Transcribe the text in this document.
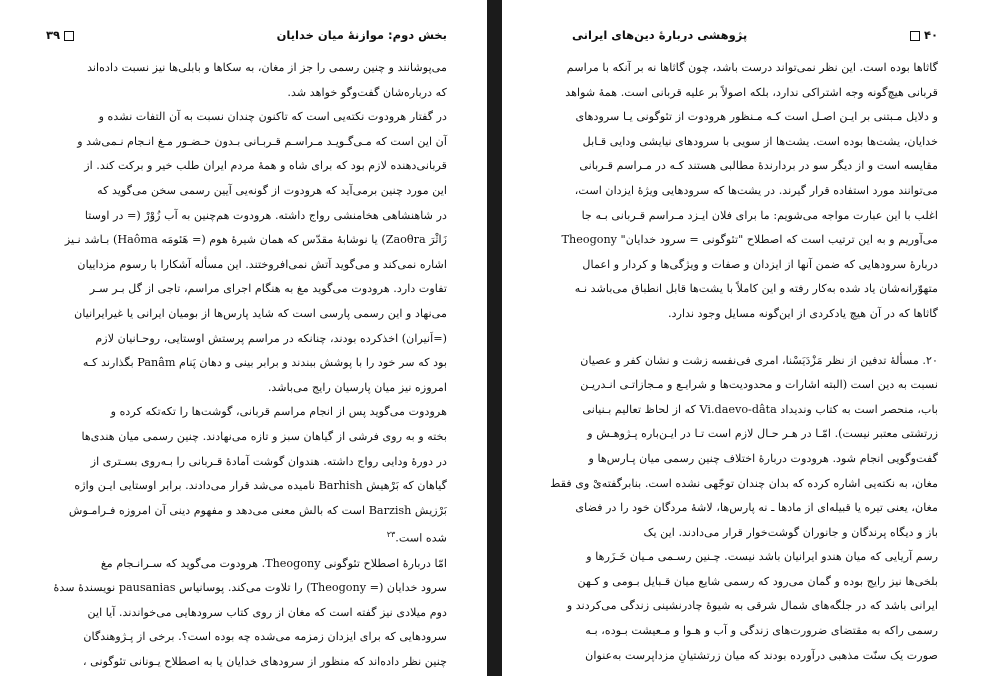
بخش دوم: موازنهٔ میان خدایان
۳۹
می‌پوشانند و چنین رسمی را جز از مغان، به سکاها و بابلی‌ها نیز نسبت داده‌اند
که درباره‌شان گفت‌وگو خواهد شد.
در گفتار هرودوت نکته‌یی است که تاکنون چندان نسبت به آن التفات نشده و
آن این است که مـی‌گـویـد مـراسـم قـربـانی بـدون حـضـور مـغ انـجام نـمی‌شد و
قربانی‌دهنده لازم بود که برای شاه و همهٔ مردم ایران طلب خیر و برکت کند. از
این مورد چنین برمی‌آید که هرودوت از گونه‌یی آیین رسمی سخن می‌گوید که
در شاهنشاهی هخامنشی رواج داشته. هرودوت هم‌چنین به آب زُوْرْ (= در اوستا
زَاثْرَ Zaoθra) یا نوشابهٔ مقدّس که همان شیرهٔ هوم (= هَئومَه Haôma) بـاشد نـیز
اشاره نمی‌کند و می‌گوید آتش نمی‌افروختند. این مسأله آشکارا با رسوم مزداییان
تفاوت دارد. هرودوت می‌گوید مغ به هنگام اجرای مراسم، تاجی از گل بـر سـر
می‌نهاد و این رسمی پارسی است که شاید پارس‌ها از بومیان ایرانی یا غیرایرانیان
(=اَنیران) اخذکرده بودند، چنانکه در مراسم پرستش اوستایی، روحـانیان لازم
بود که سر خود را با پوشش ببندند و برابر بینی و دهان پَنام Panâm بگذارند کـه
امروزه نیز میان پارسیان رایج می‌باشد.
هرودوت می‌گوید پس از انجام مراسم قربانی، گوشت‌ها را تکه‌تکه کرده و
بخته و به روی فرشی از گیاهان سبز و تازه می‌نهادند. چنین رسمی میان هندی‌ها
در دورهٔ ودایی رواج داشته. هندوان گوشت آمادهٔ قـربانی را بـه‌روی بسـتری از
گیاهان که بَرْهیش Barhish نامیده می‌شد قرار می‌دادند. برابر اوستایی ایـن واژه
بَرْزیش Barzish است که بالش معنی می‌دهد و مفهوم دینی آن امروزه فـرامـوش
شده است.$^{۲۳}$
امّا دربارهٔ اصطلاح تئوگونی Theogony. هرودوت می‌گوید که سـرانـجام مغ
سرود خدایان (= Theogony) را تلاوت می‌کند. پوسانیاس pausanias نویسندهٔ سدهٔ
دوم میلادی نیز گفته است که مغان از روی کتاب سرودهایی می‌خواندند. آیا این
سرودهایی که برای ایزدان زمزمه می‌شده چه بوده است؟. برخی از پـژوهندگان
چنین نظر داده‌اند که منظور از سرودهای خدایان یا به اصطلاح یـونانی تئوگونی ،
۴۰
پژوهشی دربارهٔ دین‌های ایرانی
گاثاها بوده است. این نظر نمی‌تواند درست باشد، چون گاثاها نه بر آنکه با مراسم
قربانی هیچ‌گونه وجه اشتراکی ندارد، بلکه اصولاً بر علیه قربانی است. همهٔ شواهد
و دلایل مـبتنی بر ایـن اصـل است کـه مـنظور هرودوت از تئوگونی یـا سرودهای
خدایان، یشت‌ها بوده است. یشت‌ها از سویی با سرودهای نیایشی ودایی قـابل
مقایسه است و از دیگر سو در بردارندهٔ مطالبی هستند کـه در مـراسم قـربانی
می‌توانند مورد استفاده قرار گیرند. در یشت‌ها که سرودهایی ویژهٔ ایزدان است،
اغلب با این عبارت مواجه می‌شویم: ما برای فلان ایـزد مـراسم قـربانی بـه جا
می‌آوریم و به این ترتیب است که اصطلاح "تئوگونی = سرود خدایان" Theogony
دربارهٔ سرودهایی که ضمن آنها از ایزدان و صفات و ویژگی‌ها و کردار و اعمال
متهوّرانه‌شان یاد شده به‌کار رفته و این کاملاً با یشت‌ها قابل انطباق می‌باشد نـه
گاثاها که در آن هیچ یادکردی از این‌گونه مسایل وجود ندارد.
۲۰. مسألهٔ تدفین از نظر مَزْدَیَسْنا، امری فی‌نفسه زشت و نشان کفر و عصیان
نسبت به دین است (البته اشارات و محدودیت‌ها و شرایـع و مـجازاتـی انـدریـن
باب، منحصر است به کتاب وندیداد Vi.daevo-dâta که از لحاظ تعالیم بـنیانی
زرتشتی معتبر نیست). امّـا در هـر حـال لازم است تـا در ایـن‌باره پـژوهـش و
گفت‌وگویی انجام شود. هرودوت دربارهٔ اختلاف چنین رسمی میان پـارس‌ها و
مغان، به نکته‌یی اشاره کرده که بدان چندان توجّهی نشده است. بنابرگفته‌یْ وی فقط
مغان، یعنی تیره یا قبیله‌ای از مادها ـ نه پارس‌ها، لاشهٔ مردگان خود را در فضای
باز و دیگاه پرندگان و جانوران گوشت‌خوار قرار می‌دادند. این یک
رسم آریایی که میان هندو ایرانیان باشد نیست. چـنین رسـمی مـیان خَـزَرها و
بلخی‌ها نیز رایج بوده و گمان می‌رود که رسمی شایع میان قـبایل بـومی و کـهن
ایرانی باشد که در جلگه‌های شمال شرقی به شیوهٔ چادرنشینی زندگی می‌کردند و
رسمی راکه به مقتضای ضرورت‌های زندگی و آب و هـوا و مـعیشت بـوده، بـه
صورت یک سنّت مذهبی درآورده بودند که میان زرتشتیانِ مزداپرست به‌عنوان
